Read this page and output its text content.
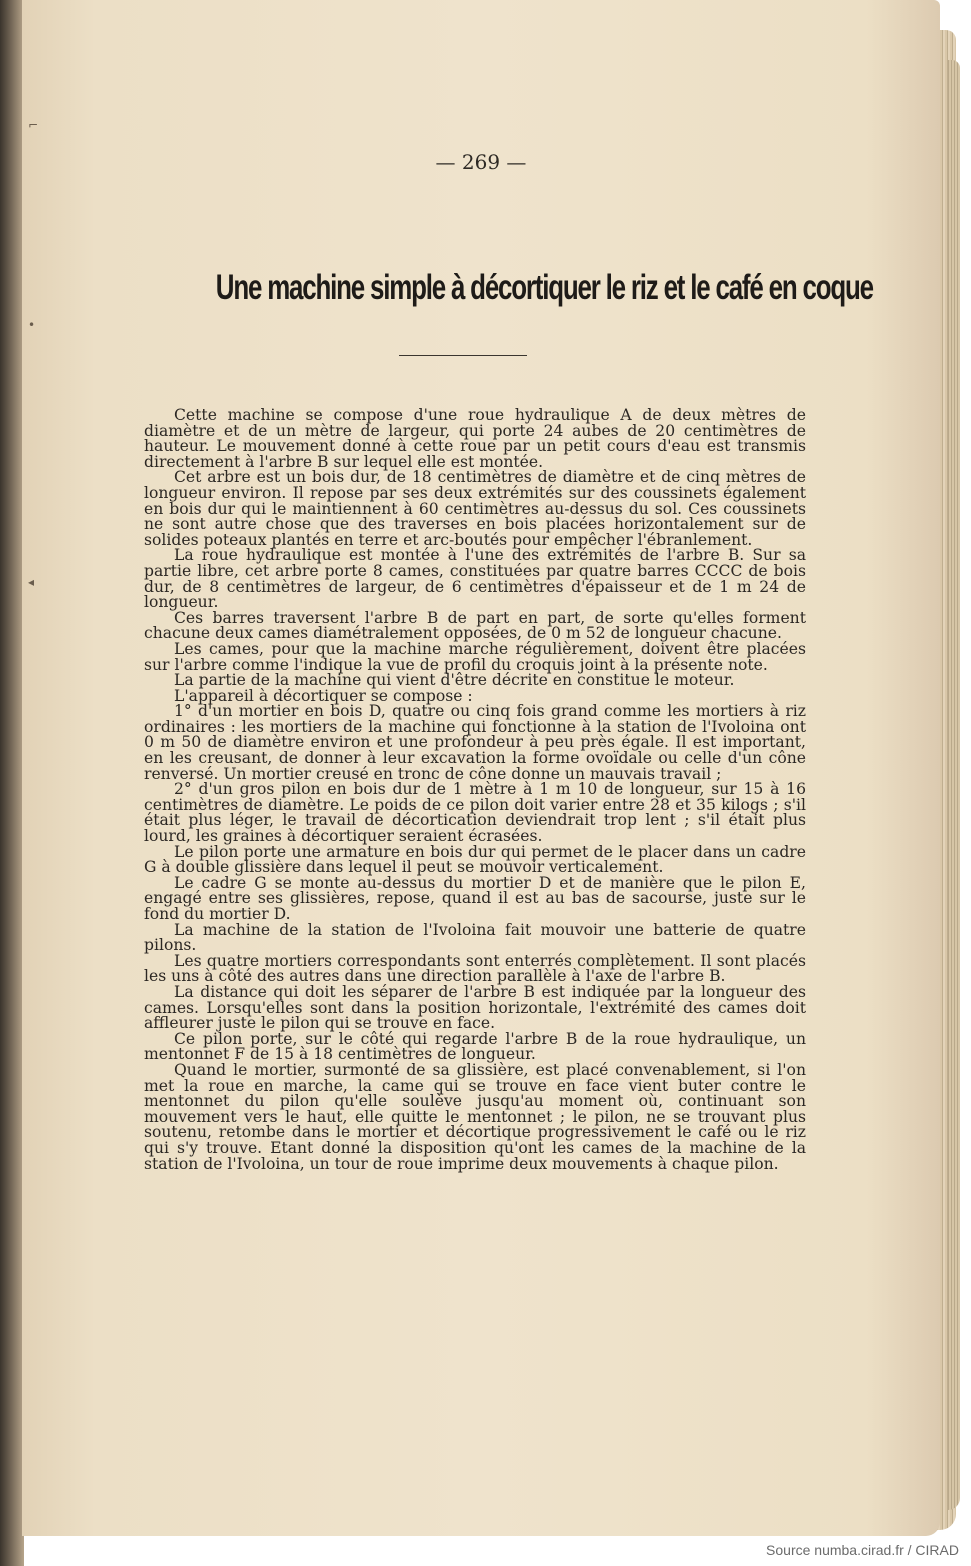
⌐
•
◂
— 269 —
Une machine simple à décortiquer le riz et le café en coque

Cette machine se compose d'une roue hydraulique A de deux mètres de diamètre et de un mètre de largeur, qui porte 24 aubes de 20 centimètres de hauteur. Le mouvement donné à cette roue par un petit cours d'eau est transmis directement à l'arbre B sur lequel elle est montée.

Cet arbre est un bois dur, de 18 centimètres de diamètre et de cinq mètres de longueur environ. Il repose par ses deux extrémités sur des coussinets également en bois dur qui le maintiennent à 60 centimètres au-dessus du sol. Ces coussinets ne sont autre chose que des traverses en bois placées horizontalement sur de solides poteaux plantés en terre et arc-boutés pour empêcher l'ébranlement.

La roue hydraulique est montée à l'une des extrémités de l'arbre B. Sur sa partie libre, cet arbre porte 8 cames, constituées par quatre barres CCCC de bois dur, de 8 centimètres de largeur, de 6 centimètres d'épaisseur et de 1 m 24 de longueur.

Ces barres traversent l'arbre B de part en part, de sorte qu'elles forment chacune deux cames diamétralement opposées, de 0 m 52 de longueur chacune.

Les cames, pour que la machine marche régulièrement, doivent être placées sur l'arbre comme l'indique la vue de profil du croquis joint à la présente note.

La partie de la machine qui vient d'être décrite en constitue le moteur.

L'appareil à décortiquer se compose :

1° d'un mortier en bois D, quatre ou cinq fois grand comme les mortiers à riz ordinaires : les mortiers de la machine qui fonctionne à la station de l'Ivoloina ont 0 m 50 de diamètre environ et une profondeur à peu près égale. Il est important, en les creusant, de donner à leur excavation la forme ovoïdale ou celle d'un cône renversé. Un mortier creusé en tronc de cône donne un mauvais travail ;

2° d'un gros pilon en bois dur de 1 mètre à 1 m 10 de longueur, sur 15 à 16 centimètres de diamètre. Le poids de ce pilon doit varier entre 28 et 35 kilogs ; s'il était plus léger, le travail de décortication deviendrait trop lent ; s'il était plus lourd, les graines à décortiquer seraient écrasées.

Le pilon porte une armature en bois dur qui permet de le placer dans un cadre G à double glissière dans lequel il peut se mouvoir verticalement.

Le cadre G se monte au-dessus du mortier D et de manière que le pilon E, engagé entre ses glissières, repose, quand il est au bas de sacourse, juste sur le fond du mortier D.

La machine de la station de l'Ivoloina fait mouvoir une batterie de quatre pilons.

Les quatre mortiers correspondants sont enterrés complètement. Il sont placés les uns à côté des autres dans une direction parallèle à l'axe de l'arbre B.

La distance qui doit les séparer de l'arbre B est indiquée par la longueur des cames. Lorsqu'elles sont dans la position horizontale, l'extrémité des cames doit affleurer juste le pilon qui se trouve en face.

Ce pilon porte, sur le côté qui regarde l'arbre B de la roue hydraulique, un mentonnet F de 15 à 18 centimètres de longueur.

Quand le mortier, surmonté de sa glissière, est placé convenablement, si l'on met la roue en marche, la came qui se trouve en face vient buter contre le mentonnet du pilon qu'elle soulève jusqu'au moment où, continuant son mouvement vers le haut, elle quitte le mentonnet ; le pilon, ne se trouvant plus soutenu, retombe dans le mortier et décortique progressivement le café ou le riz qui s'y trouve. Etant donné la disposition qu'ont les cames de la machine de la station de l'Ivoloina, un tour de roue imprime deux mouvements à chaque pilon.

Source numba.cirad.fr / CIRAD
